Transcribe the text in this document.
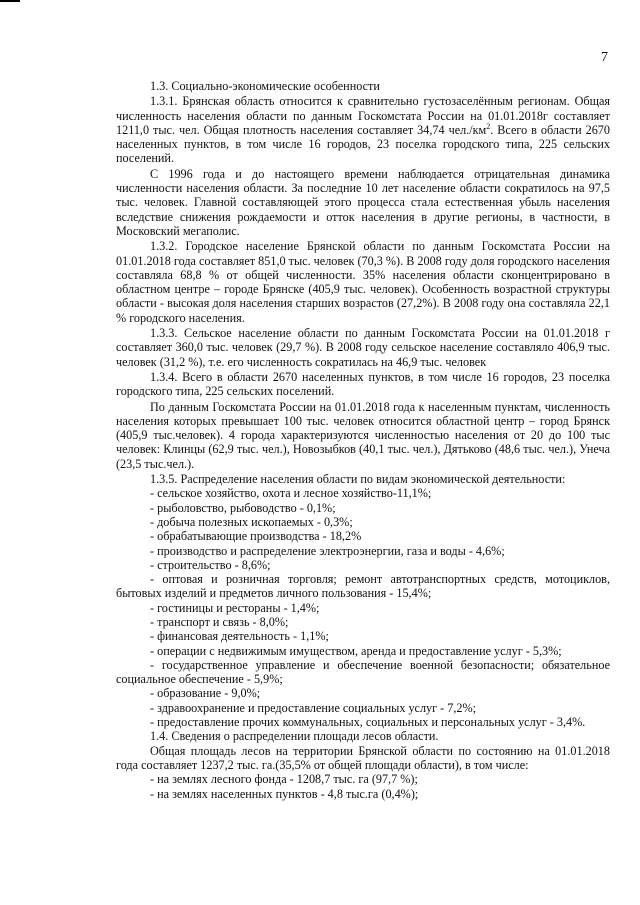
7

1.3. Социально-экономические особенности

1.3.1. Брянская область относится к сравнительно густозаселённым регионам. Общая численность населения области по данным Госкомстата России на 01.01.2018г составляет 1211,0 тыс. чел. Общая плотность населения составляет 34,74 $чел./км^2$. Всего в области 2670 населенных пунктов, в том числе 16 городов, 23 поселка городского типа, 225 сельских поселений.

С 1996 года и до настоящего времени наблюдается отрицательная динамика численности населения области. За последние 10 лет население области сократилось на 97,5 тыс. человек. Главной составляющей этого процесса стала естественная убыль населения вследствие снижения рождаемости и отток населения в другие регионы, в частности, в Московский мегаполис.

1.3.2. Городское население Брянской области по данным Госкомстата России на 01.01.2018 года составляет 851,0 тыс. человек (70,3 %). В 2008 году доля городского населения составляла 68,8 % от общей численности. 35% населения области сконцентрировано в областном центре – городе Брянске (405,9 тыс. человек). Особенность возрастной структуры области - высокая доля населения старших возрастов (27,2%). В 2008 году она составляла 22,1 % городского населения.

1.3.3. Сельское население области по данным Госкомстата России на 01.01.2018 г составляет 360,0 тыс. человек (29,7 %). В 2008 году сельское население составляло 406,9 тыс. человек (31,2 %), т.е. его численность сократилась на 46,9 тыс. человек

1.3.4. Всего в области 2670 населенных пунктов, в том числе 16 городов, 23 поселка городского типа, 225 сельских поселений.

По данным Госкомстата России на 01.01.2018 года к населенным пунктам, численность населения которых превышает 100 тыс. человек относится областной центр – город Брянск (405,9 тыс.человек). 4 города характеризуются численностью населения от 20 до 100 тыс человек: Клинцы (62,9 тыс. чел.), Новозыбков (40,1 тыс. чел.), Дятьково (48,6 тыс. чел.), Унеча (23,5 тыс.чел.).

1.3.5. Распределение населения области по видам экономической деятельности:

- сельское хозяйство, охота и лесное хозяйство-11,1%;

- рыболовство, рыбоводство - 0,1%;

- добыча полезных ископаемых - 0,3%;

- обрабатывающие производства - 18,2%

- производство и распределение электроэнергии, газа и воды - 4,6%;

- строительство - 8,6%;

- оптовая и розничная торговля; ремонт автотранспортных средств, мотоциклов, бытовых изделий и предметов личного пользования - 15,4%;

- гостиницы и рестораны - 1,4%;

- транспорт и связь - 8,0%;

- финансовая деятельность - 1,1%;

- операции с недвижимым имуществом, аренда и предоставление услуг - 5,3%;

- государственное управление и обеспечение военной безопасности; обязательное социальное обеспечение - 5,9%;

- образование - 9,0%;

- здравоохранение и предоставление социальных услуг - 7,2%;

- предоставление прочих коммунальных, социальных и персональных услуг - 3,4%.

1.4. Сведения о распределении площади лесов области.

Общая площадь лесов на территории Брянской области по состоянию на 01.01.2018 года составляет 1237,2 тыс. га.(35,5% от общей площади области), в том числе:

- на землях лесного фонда - 1208,7 тыс. га (97,7 %);

- на землях населенных пунктов - 4,8 тыс.га (0,4%);
